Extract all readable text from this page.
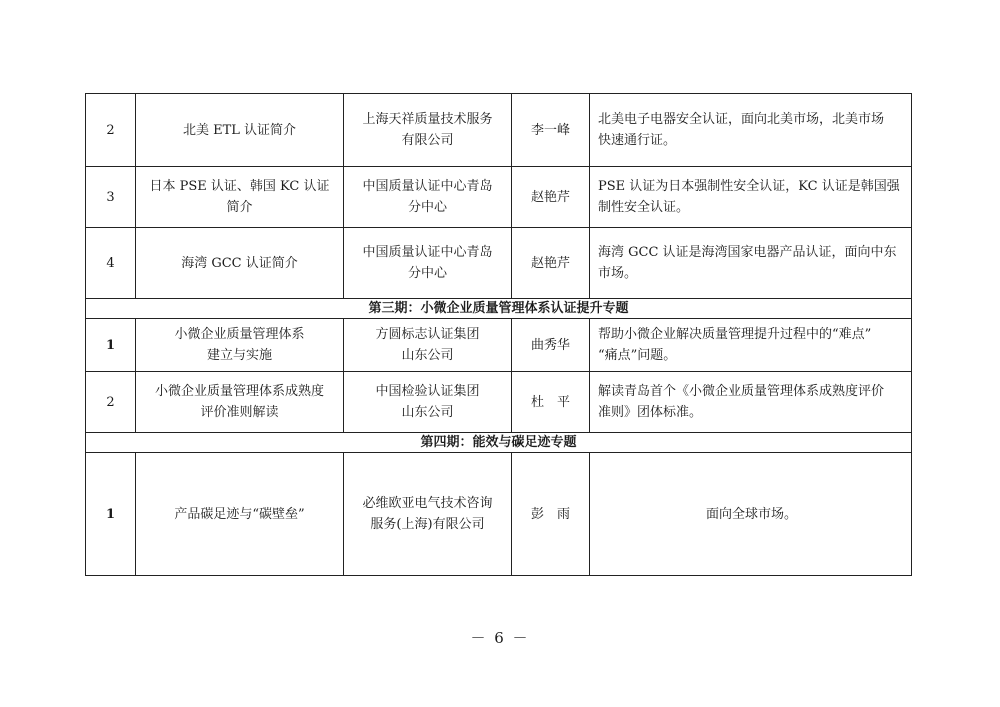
2	北美 ETL 认证简介	上海天祥质量技术服务
有限公司	李一峰	北美电子电器安全认证，面向北美市场，北美市场
快速通行证。

3	日本 PSE 认证、韩国 KC 认证
简介	中国质量认证中心青岛
分中心	赵艳芹	PSE 认证为日本强制性安全认证，KC 认证是韩国强
制性安全认证。

4	海湾 GCC 认证简介	中国质量认证中心青岛
分中心	赵艳芹	海湾 GCC 认证是海湾国家电器产品认证，面向中东
市场。

第三期：小微企业质量管理体系认证提升专题				
1	小微企业质量管理体系
建立与实施	方圆标志认证集团
山东公司	曲秀华	帮助小微企业解决质量管理提升过程中的“难点”
“痛点”问题。

2	小微企业质量管理体系成熟度
评价准则解读	中国检验认证集团
山东公司	杜　平	解读青岛首个《小微企业质量管理体系成熟度评价
准则》团体标准。

第四期：能效与碳足迹专题				
1	产品碳足迹与“碳壁垒”	必维欧亚电气技术咨询
服务(上海)有限公司	彭　雨	面向全球市场。
－ 6 －
